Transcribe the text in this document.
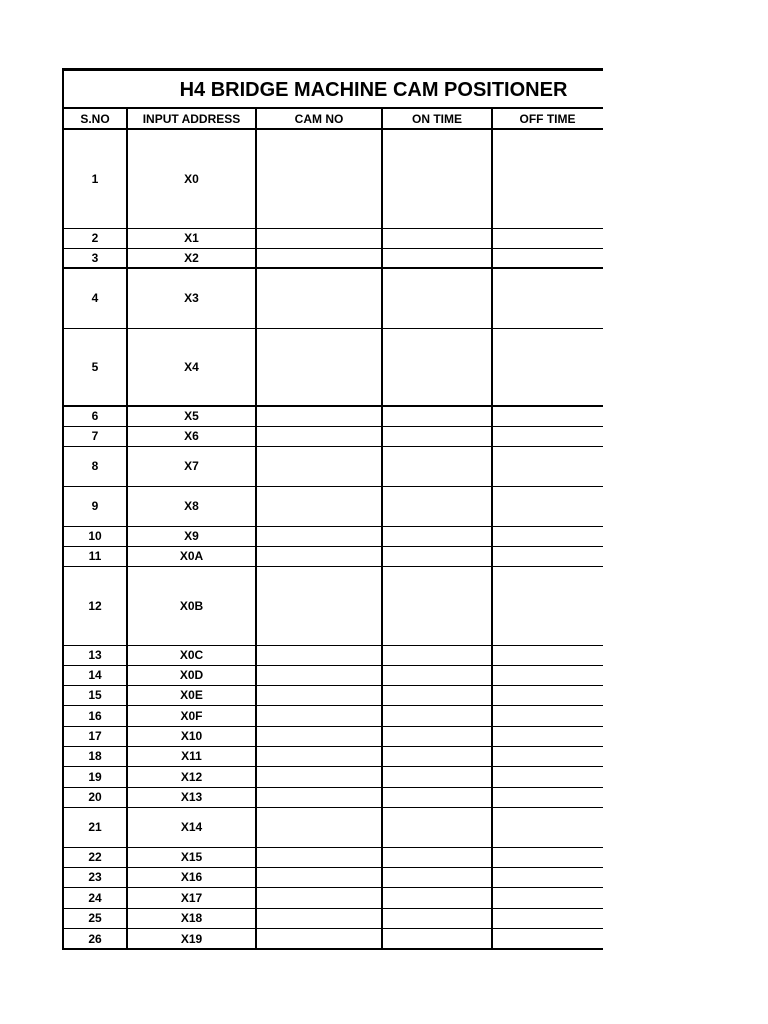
H4 BRIDGE MACHINE CAM POSITIONER
S.NO	INPUT ADDRESS	CAM NO	ON TIME	OFF TIME
1	X0
2	X1
3	X2
4	X3
5	X4
6	X5
7	X6
8	X7
9	X8
10	X9
11	X0A
12	X0B
13	X0C
14	X0D
15	X0E
16	X0F
17	X10
18	X11
19	X12
20	X13
21	X14
22	X15
23	X16
24	X17
25	X18
26	X19
